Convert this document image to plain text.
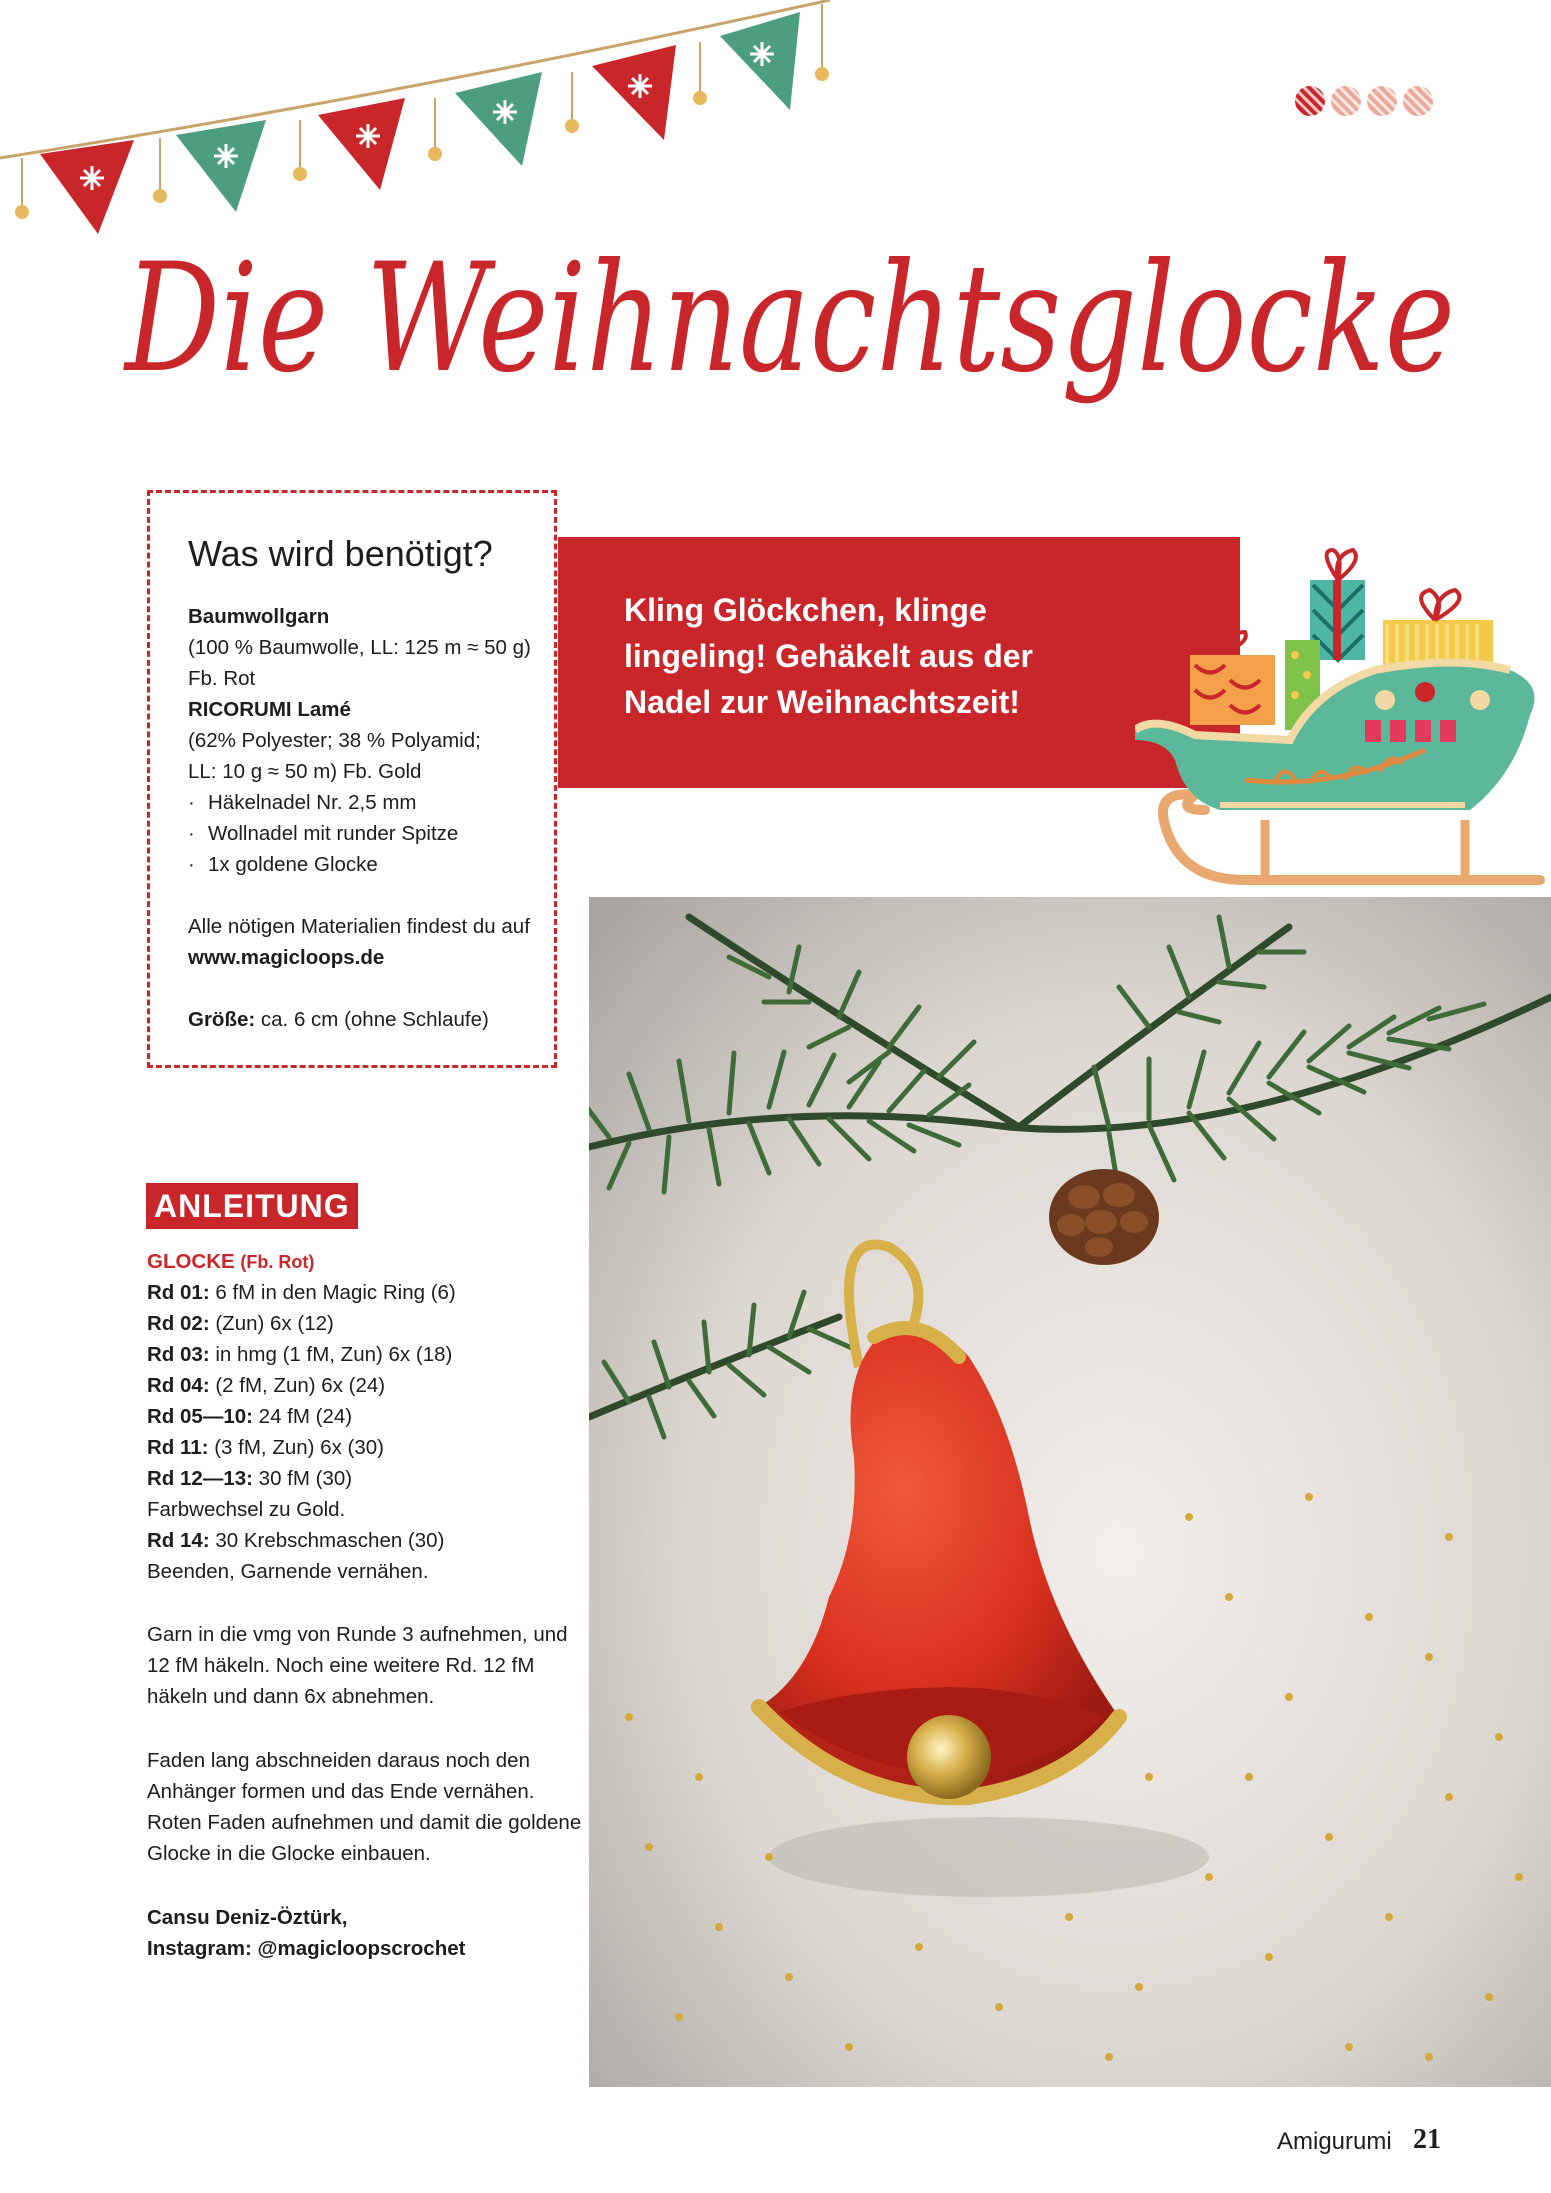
Die Weihnachtsglocke
Was wird benötigt?
Baumwollgarn
(100 % Baumwolle, LL: 125 m ≈ 50 g)
Fb. Rot
RICORUMI Lamé
(62% Polyester; 38 % Polyamid;
LL: 10 g ≈ 50 m) Fb. Gold
· Häkelnadel Nr. 2,5 mm
· Wollnadel mit runder Spitze
· 1x goldene Glocke
Alle nötigen Materialien findest du auf
www.magicloops.de
Größe: ca. 6 cm (ohne Schlaufe)
Kling Glöckchen, klinge
lingeling! Gehäkelt aus der
Nadel zur Weihnachtszeit!
ANLEITUNG
GLOCKE (Fb. Rot)
Rd 01: 6 fM in den Magic Ring (6)
Rd 02: (Zun) 6x (12)
Rd 03: in hmg (1 fM, Zun) 6x (18)
Rd 04: (2 fM, Zun) 6x (24)
Rd 05—10: 24 fM (24)
Rd 11: (3 fM, Zun) 6x (30)
Rd 12—13: 30 fM (30)
Farbwechsel zu Gold.
Rd 14: 30 Krebschmaschen (30)
Beenden, Garnende vernähen.
Garn in die vmg von Runde 3 aufnehmen, und
12 fM häkeln. Noch eine weitere Rd. 12 fM
häkeln und dann 6x abnehmen.
Faden lang abschneiden daraus noch den
Anhänger formen und das Ende vernähen.
Roten Faden aufnehmen und damit die goldene
Glocke in die Glocke einbauen.
Cansu Deniz-Öztürk,
Instagram: @magicloopscrochet
Amigurumi 21
